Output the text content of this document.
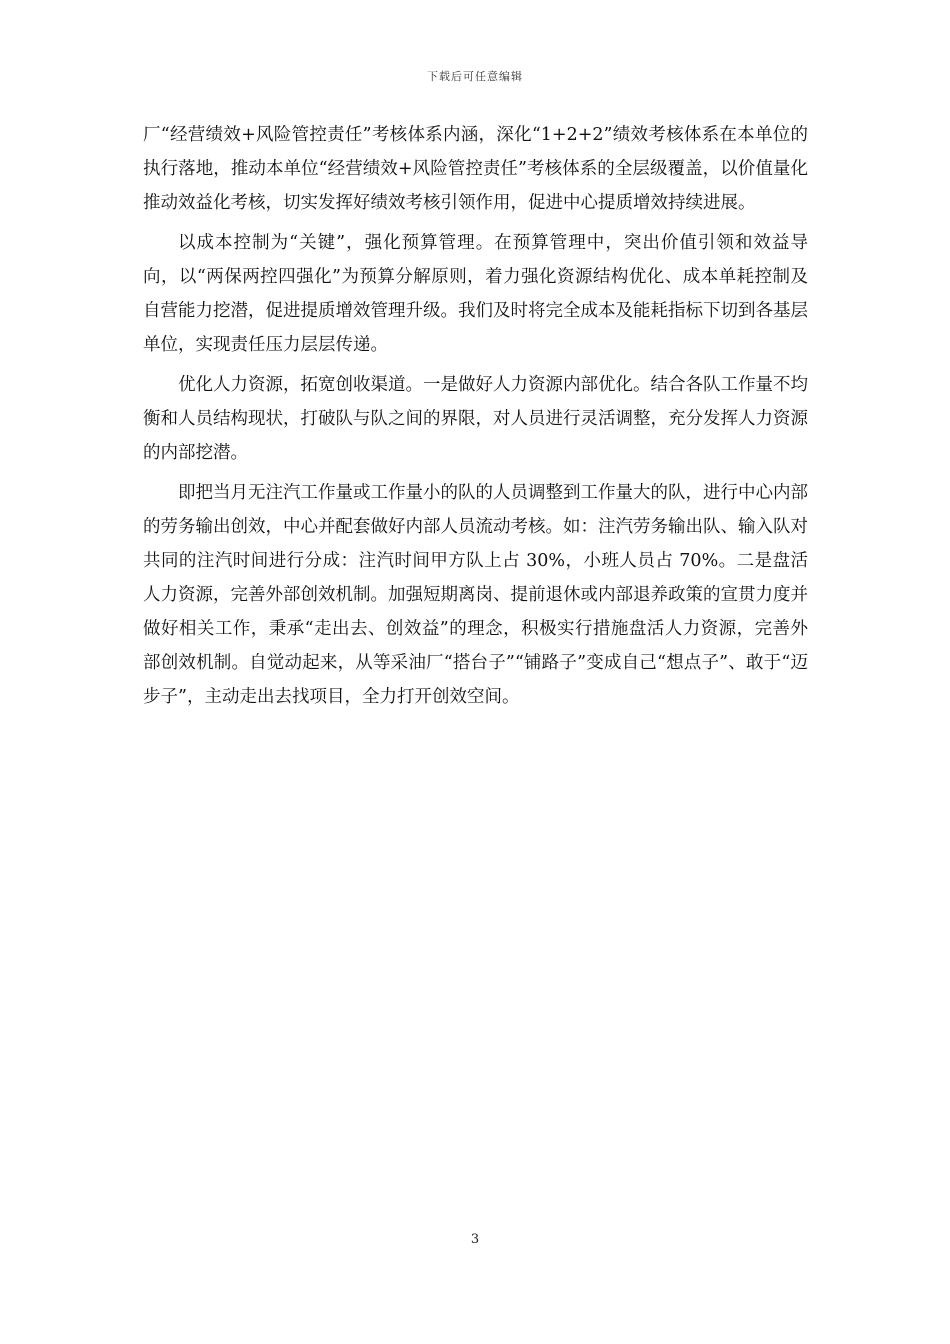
下载后可任意编辑

厂“经营绩效+风险管控责任”考核体系内涵，深化“1+2+2”绩效考核体系在本单位的执行落地，推动本单位“经营绩效+风险管控责任”考核体系的全层级覆盖，以价值量化推动效益化考核，切实发挥好绩效考核引领作用，促进中心提质增效持续进展。

以成本控制为“关键”，强化预算管理。在预算管理中，突出价值引领和效益导向，以“两保两控四强化”为预算分解原则，着力强化资源结构优化、成本单耗控制及自营能力挖潜，促进提质增效管理升级。我们及时将完全成本及能耗指标下切到各基层单位，实现责任压力层层传递。

优化人力资源，拓宽创收渠道。一是做好人力资源内部优化。结合各队工作量不均衡和人员结构现状，打破队与队之间的界限，对人员进行灵活调整，充分发挥人力资源的内部挖潜。

即把当月无注汽工作量或工作量小的队的人员调整到工作量大的队，进行中心内部的劳务输出创效，中心并配套做好内部人员流动考核。如：注汽劳务输出队、输入队对共同的注汽时间进行分成：注汽时间甲方队上占 30%，小班人员占 70%。二是盘活人力资源，完善外部创效机制。加强短期离岗、提前退休或内部退养政策的宣贯力度并做好相关工作，秉承“走出去、创效益”的理念，积极实行措施盘活人力资源，完善外部创效机制。自觉动起来，从等采油厂“搭台子”“铺路子”变成自己“想点子”、敢于“迈步子”，主动走出去找项目，全力打开创效空间。

3
